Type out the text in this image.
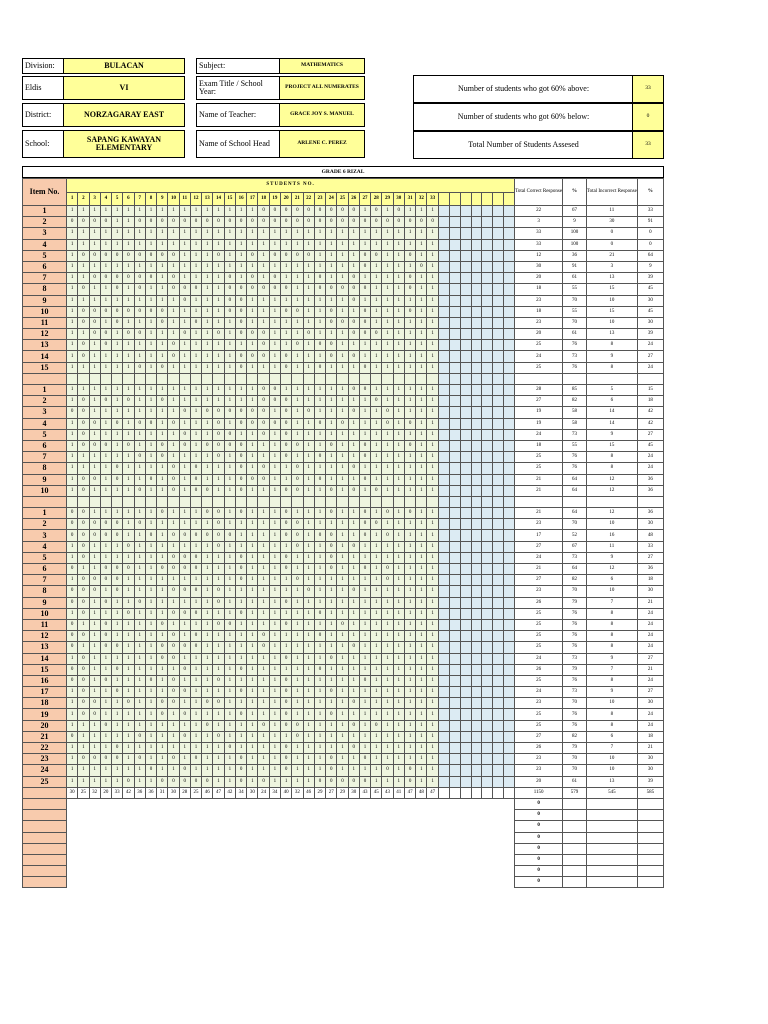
Division:	BULACAN
Eldis	VI
District:	NORZAGARAY EAST
School:	SAPANG KAWAYAN ELEMENTARY
Subject:	MATHEMATICS
Exam Title / School Year:	PROJECT ALL NUMERATES
Name of Teacher:	GRACE JOY S. MANUEL
Name of School Head	ARLENE C. PEREZ
Number of students who got 60% above:	33
Number of students who got 60% below:	0
Total Number of Students Assesed	33
GRADE 6 RIZAL
Item No.	STUDENTS NO.																																								Total Correct Response	%	Total Incorrect Response	%
	1	2	3	4	5	6	7	8	9	10	11	12	13	14	15	16	17	18	19	20	21	22	23	24	25	26	27	28	29	30	31	32	33											
1	1	1	1	1	1	1	1	1	1	1	1	1	1	1	1	1	1	0	0	0	0	0	0	0	0	0	1	0	1	0	1	1	1								22	67	11	33
2	0	0	0	0	1	1	0	0	0	0	0	0	0	0	0	0	0	0	0	0	0	0	0	0	0	0	0	0	0	0	0	0	0								3	9	30	91
3	1	1	1	1	1	1	1	1	1	1	1	1	1	1	1	1	1	1	1	1	1	1	1	1	1	1	1	1	1	1	1	1	1								33	100	0	0
4	1	1	1	1	1	1	1	1	1	1	1	1	1	1	1	1	1	1	1	1	1	1	1	1	1	1	1	1	1	1	1	1	1								33	100	0	0
5	1	0	0	0	0	0	0	0	0	0	1	1	1	0	1	1	0	1	0	0	0	0	1	1	1	1	0	0	1	1	0	1	1								12	36	21	64
6	1	1	1	1	1	1	1	1	1	1	1	1	1	1	1	1	1	1	1	1	1	1	1	1	1	1	0	1	1	1	1	0	1								30	91	3	9
7	1	1	0	0	0	0	0	0	1	0	1	1	1	1	0	1	0	1	0	1	1	1	0	1	1	0	1	1	1	1	0	1	1								20	61	13	39
8	1	0	1	1	0	1	0	1	1	0	0	0	1	1	0	0	0	0	0	0	1	1	0	0	0	0	0	1	1	1	0	1	1								18	55	15	45
9	1	1	1	1	1	1	1	1	1	1	0	1	1	1	0	0	1	1	1	1	1	1	1	1	1	0	1	1	1	1	1	1	1								23	70	10	30
10	1	0	0	0	0	0	0	0	0	1	1	1	1	1	0	0	1	1	1	0	0	1	1	0	1	1	0	1	1	1	0	1	1								18	55	15	45
11	1	0	0	1	0	1	1	1	0	1	1	0	1	1	1	0	1	1	1	1	1	1	1	0	0	0	0	1	1	1	1	1	1								23	70	10	30
12	1	1	0	0	1	0	0	1	1	1	0	1	1	0	1	0	0	0	1	1	1	0	1	1	1	0	0	0	1	1	1	1	1								20	61	13	39
13	1	0	1	0	1	1	1	1	1	0	1	1	1	1	1	1	1	0	1	1	0	1	0	0	1	1	1	1	1	1	1	1	1								25	76	8	24
14	1	0	1	1	1	1	1	1	1	0	1	1	1	1	1	0	0	0	1	0	1	1	1	0	1	0	1	1	1	1	1	1	1								24	73	9	27
15	1	1	1	1	1	1	0	1	0	1	1	1	1	1	1	0	1	1	1	0	1	1	0	1	1	1	0	1	1	1	1	1	1								25	76	8	24

1	1	1	1	1	1	1	1	1	1	1	1	1	1	1	1	1	1	0	0	1	1	1	1	1	1	0	0	1	1	1	1	1	1								28	85	5	15
2	1	0	1	0	1	0	1	1	0	1	1	1	1	1	1	1	1	0	0	0	1	1	1	1	1	1	1	0	1	1	1	1	1								27	82	6	18
3	0	0	1	1	1	1	1	1	1	1	0	1	0	0	0	0	0	0	1	0	1	0	1	1	1	0	1	1	0	1	1	1	1								19	58	14	42
4	1	0	0	1	0	1	0	0	1	0	1	1	1	0	1	0	0	0	0	0	1	1	0	1	0	1	1	1	0	1	0	1	1								19	58	14	42
5	1	0	1	1	1	1	1	1	1	1	0	1	1	0	0	1	1	0	1	0	1	1	1	1	1	1	1	1	1	1	1	1	1								24	73	9	27
6	1	0	0	0	1	0	1	1	0	1	0	1	0	0	0	0	1	1	1	0	0	1	1	0	1	1	0	1	1	1	0	1	1								18	55	15	45
7	1	1	1	1	1	1	0	1	0	1	1	1	1	0	1	0	1	1	1	0	1	1	0	1	1	1	0	1	1	1	1	1	1								25	76	8	24
8	1	1	1	1	0	1	1	1	1	0	1	0	1	1	1	0	1	0	1	1	0	1	1	1	1	0	1	1	1	1	1	1	1								25	76	8	24
9	1	0	0	1	0	1	1	0	1	0	1	0	1	1	1	0	0	0	1	1	0	1	0	1	1	1	0	1	1	1	1	1	1								21	64	12	36
10	1	0	1	1	1	1	0	1	1	0	1	0	0	1	1	0	1	1	1	0	0	1	1	0	1	0	1	0	1	1	1	1	1								21	64	12	36

1	0	0	1	1	1	1	1	1	0	1	1	1	0	0	1	0	1	1	1	0	1	1	1	0	1	1	0	1	0	1	0	1	1								21	64	12	36
2	0	0	0	0	0	1	0	1	1	1	1	1	1	0	1	1	1	1	1	0	0	1	1	1	1	1	0	0	1	1	1	1	1								23	70	10	30
3	0	0	0	0	0	1	1	0	1	0	0	0	0	0	0	1	1	1	1	0	0	1	0	0	1	1	0	1	0	1	1	1	1								17	52	16	48
4	1	0	1	1	1	0	1	1	1	1	1	1	1	0	1	1	1	1	1	1	0	1	1	0	1	0	1	1	1	1	1	1	1								27	67	11	33
5	1	0	1	1	1	1	1	1	1	0	0	0	1	1	1	0	1	1	1	0	1	1	1	0	1	1	1	1	1	1	1	1	1								24	73	9	27
6	0	1	1	0	0	0	1	1	0	0	0	0	1	1	1	0	1	1	1	0	1	1	1	0	1	1	0	1	0	1	1	1	1								21	64	12	36
7	1	0	0	0	0	1	1	1	1	1	1	1	1	1	1	0	1	1	1	1	0	1	1	1	1	1	1	1	0	1	1	1	1								27	82	6	18
8	0	0	0	1	0	1	1	1	1	0	0	0	1	0	1	1	1	1	1	1	1	0	1	1	1	0	1	1	1	1	1	1	1								23	70	10	30
9	0	0	1	0	1	1	0	1	1	1	1	1	1	0	1	1	1	1	1	0	1	1	1	1	1	1	1	1	1	1	1	1	1								26	79	7	21
10	1	0	1	1	1	0	1	1	1	0	0	0	1	1	1	0	1	1	1	1	1	1	0	1	1	1	1	1	1	1	1	1	1								25	76	8	24
11	0	1	1	0	1	1	1	1	0	1	1	1	1	0	0	1	1	1	1	0	1	1	1	1	0	1	1	1	1	1	1	1	1								25	76	8	24
12	0	0	1	0	1	1	1	1	1	0	1	0	1	1	1	1	1	0	1	1	1	1	0	1	1	1	1	1	1	1	1	1	1								25	76	8	24
13	0	1	1	0	0	1	1	1	0	0	0	0	1	1	1	1	1	0	1	1	1	1	1	1	1	0	1	1	1	1	1	1	1								25	76	8	24
14	1	0	1	1	1	1	1	1	0	0	1	1	1	1	1	1	1	1	1	0	1	1	1	0	1	1	1	1	1	1	1	1	1								24	73	9	27
15	0	0	1	1	0	1	1	1	1	1	0	1	1	1	1	0	1	1	1	1	1	1	0	1	1	1	1	1	1	1	1	1	1								26	79	7	21
16	0	0	1	0	1	1	1	0	1	0	1	1	1	0	1	1	1	1	1	0	1	1	1	1	1	1	0	1	1	1	1	1	1								25	76	8	24
17	1	0	1	1	0	1	1	1	1	0	0	1	1	1	1	0	1	1	1	0	1	1	1	0	1	1	1	1	1	1	1	1	1								24	73	9	27
18	1	0	0	1	1	0	1	1	0	0	1	1	0	0	1	1	1	1	1	0	1	1	1	1	1	0	1	1	1	1	1	1	1								23	70	10	30
19	1	0	0	1	1	1	1	1	0	1	0	1	1	1	1	0	1	1	1	0	1	1	1	0	1	1	1	1	1	1	1	1	1								25	76	8	24
20	1	1	1	0	1	1	1	1	1	1	1	1	0	1	1	1	1	0	1	0	0	1	1	1	1	0	1	0	1	1	1	1	1								25	76	8	24
21	0	1	1	1	1	1	0	1	1	1	0	1	1	0	1	1	1	1	1	1	0	1	1	1	1	1	1	1	1	1	1	1	1								27	82	6	18
22	1	1	1	1	0	1	1	1	1	1	1	1	1	1	0	1	1	1	1	0	1	1	1	1	1	0	1	1	1	1	1	1	1								26	79	7	21
23	1	0	0	0	0	1	0	1	1	0	1	0	1	1	1	0	1	1	1	0	1	1	1	0	1	1	0	1	1	1	1	1	1								23	70	10	30
24	1	1	1	1	1	1	1	0	1	1	0	1	1	1	1	0	1	1	1	0	1	1	1	0	1	1	1	1	0	1	0	1	1								23	70	10	30
25	1	1	1	1	1	0	1	1	0	0	0	0	0	1	1	0	1	0	1	1	1	1	0	0	0	0	0	1	1	1	0	1	1								20	61	13	39
	30	25	32	20	33	42	36	36	31	30	28	25	46	47	42	34	30	24	34	40	32	46	29	27	29	30	43	45	43	41	47	48	47								1150	579	545	585
																																									0			
																																									0			
																																									0			
																																									0			
																																									0			
																																									0			
																																									0			
																																									0			
